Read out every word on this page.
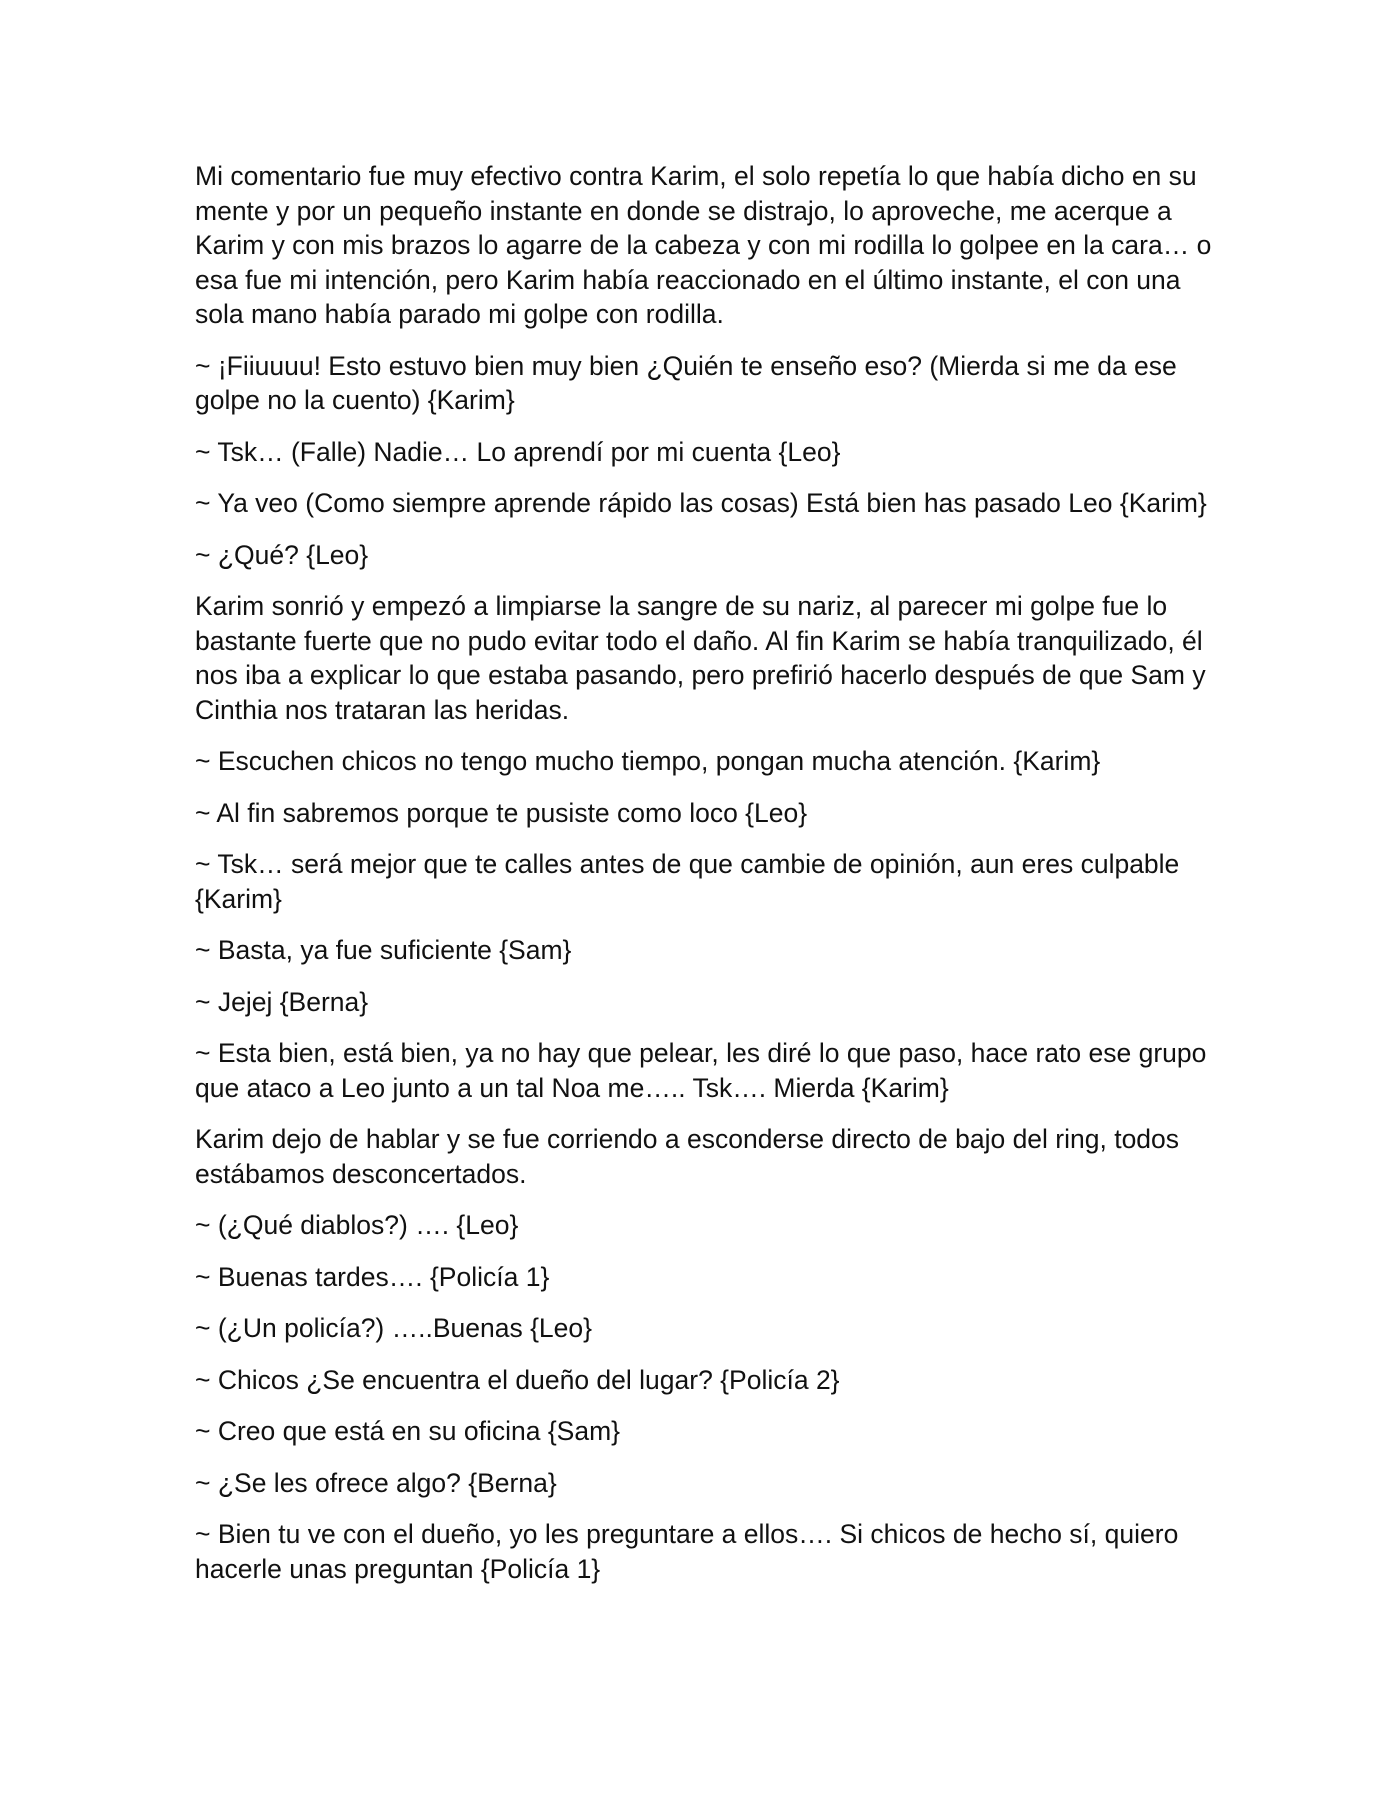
Mi comentario fue muy efectivo contra Karim, el solo repetía lo que había dicho en su mente y por un pequeño instante en donde se distrajo, lo aproveche, me acerque a Karim y con mis brazos lo agarre de la cabeza y con mi rodilla lo golpee en la cara… o esa fue mi intención, pero Karim había reaccionado en el último instante, el con una sola mano había parado mi golpe con rodilla.

~ ¡Fiiuuuu! Esto estuvo bien muy bien ¿Quién te enseño eso? (Mierda si me da ese golpe no la cuento) {Karim}

~ Tsk… (Falle) Nadie… Lo aprendí por mi cuenta {Leo}

~ Ya veo (Como siempre aprende rápido las cosas) Está bien has pasado Leo {Karim}

~ ¿Qué? {Leo}

Karim sonrió y empezó a limpiarse la sangre de su nariz, al parecer mi golpe fue lo bastante fuerte que no pudo evitar todo el daño. Al fin Karim se había tranquilizado, él nos iba a explicar lo que estaba pasando, pero prefirió hacerlo después de que Sam y Cinthia nos trataran las heridas.

~ Escuchen chicos no tengo mucho tiempo, pongan mucha atención. {Karim}

~ Al fin sabremos porque te pusiste como loco {Leo}

~ Tsk… será mejor que te calles antes de que cambie de opinión, aun eres culpable {Karim}

~ Basta, ya fue suficiente {Sam}

~ Jejej {Berna}

~ Esta bien, está bien, ya no hay que pelear, les diré lo que paso, hace rato ese grupo que ataco a Leo junto a un tal Noa me….. Tsk…. Mierda {Karim}

Karim dejo de hablar y se fue corriendo a esconderse directo de bajo del ring, todos estábamos desconcertados.

~ (¿Qué diablos?) …. {Leo}

~ Buenas tardes…. {Policía 1}

~ (¿Un policía?) …..Buenas {Leo}

~ Chicos ¿Se encuentra el dueño del lugar? {Policía 2}

~ Creo que está en su oficina {Sam}

~ ¿Se les ofrece algo? {Berna}

~ Bien tu ve con el dueño, yo les preguntare a ellos…. Si chicos de hecho sí, quiero hacerle unas preguntan {Policía 1}
